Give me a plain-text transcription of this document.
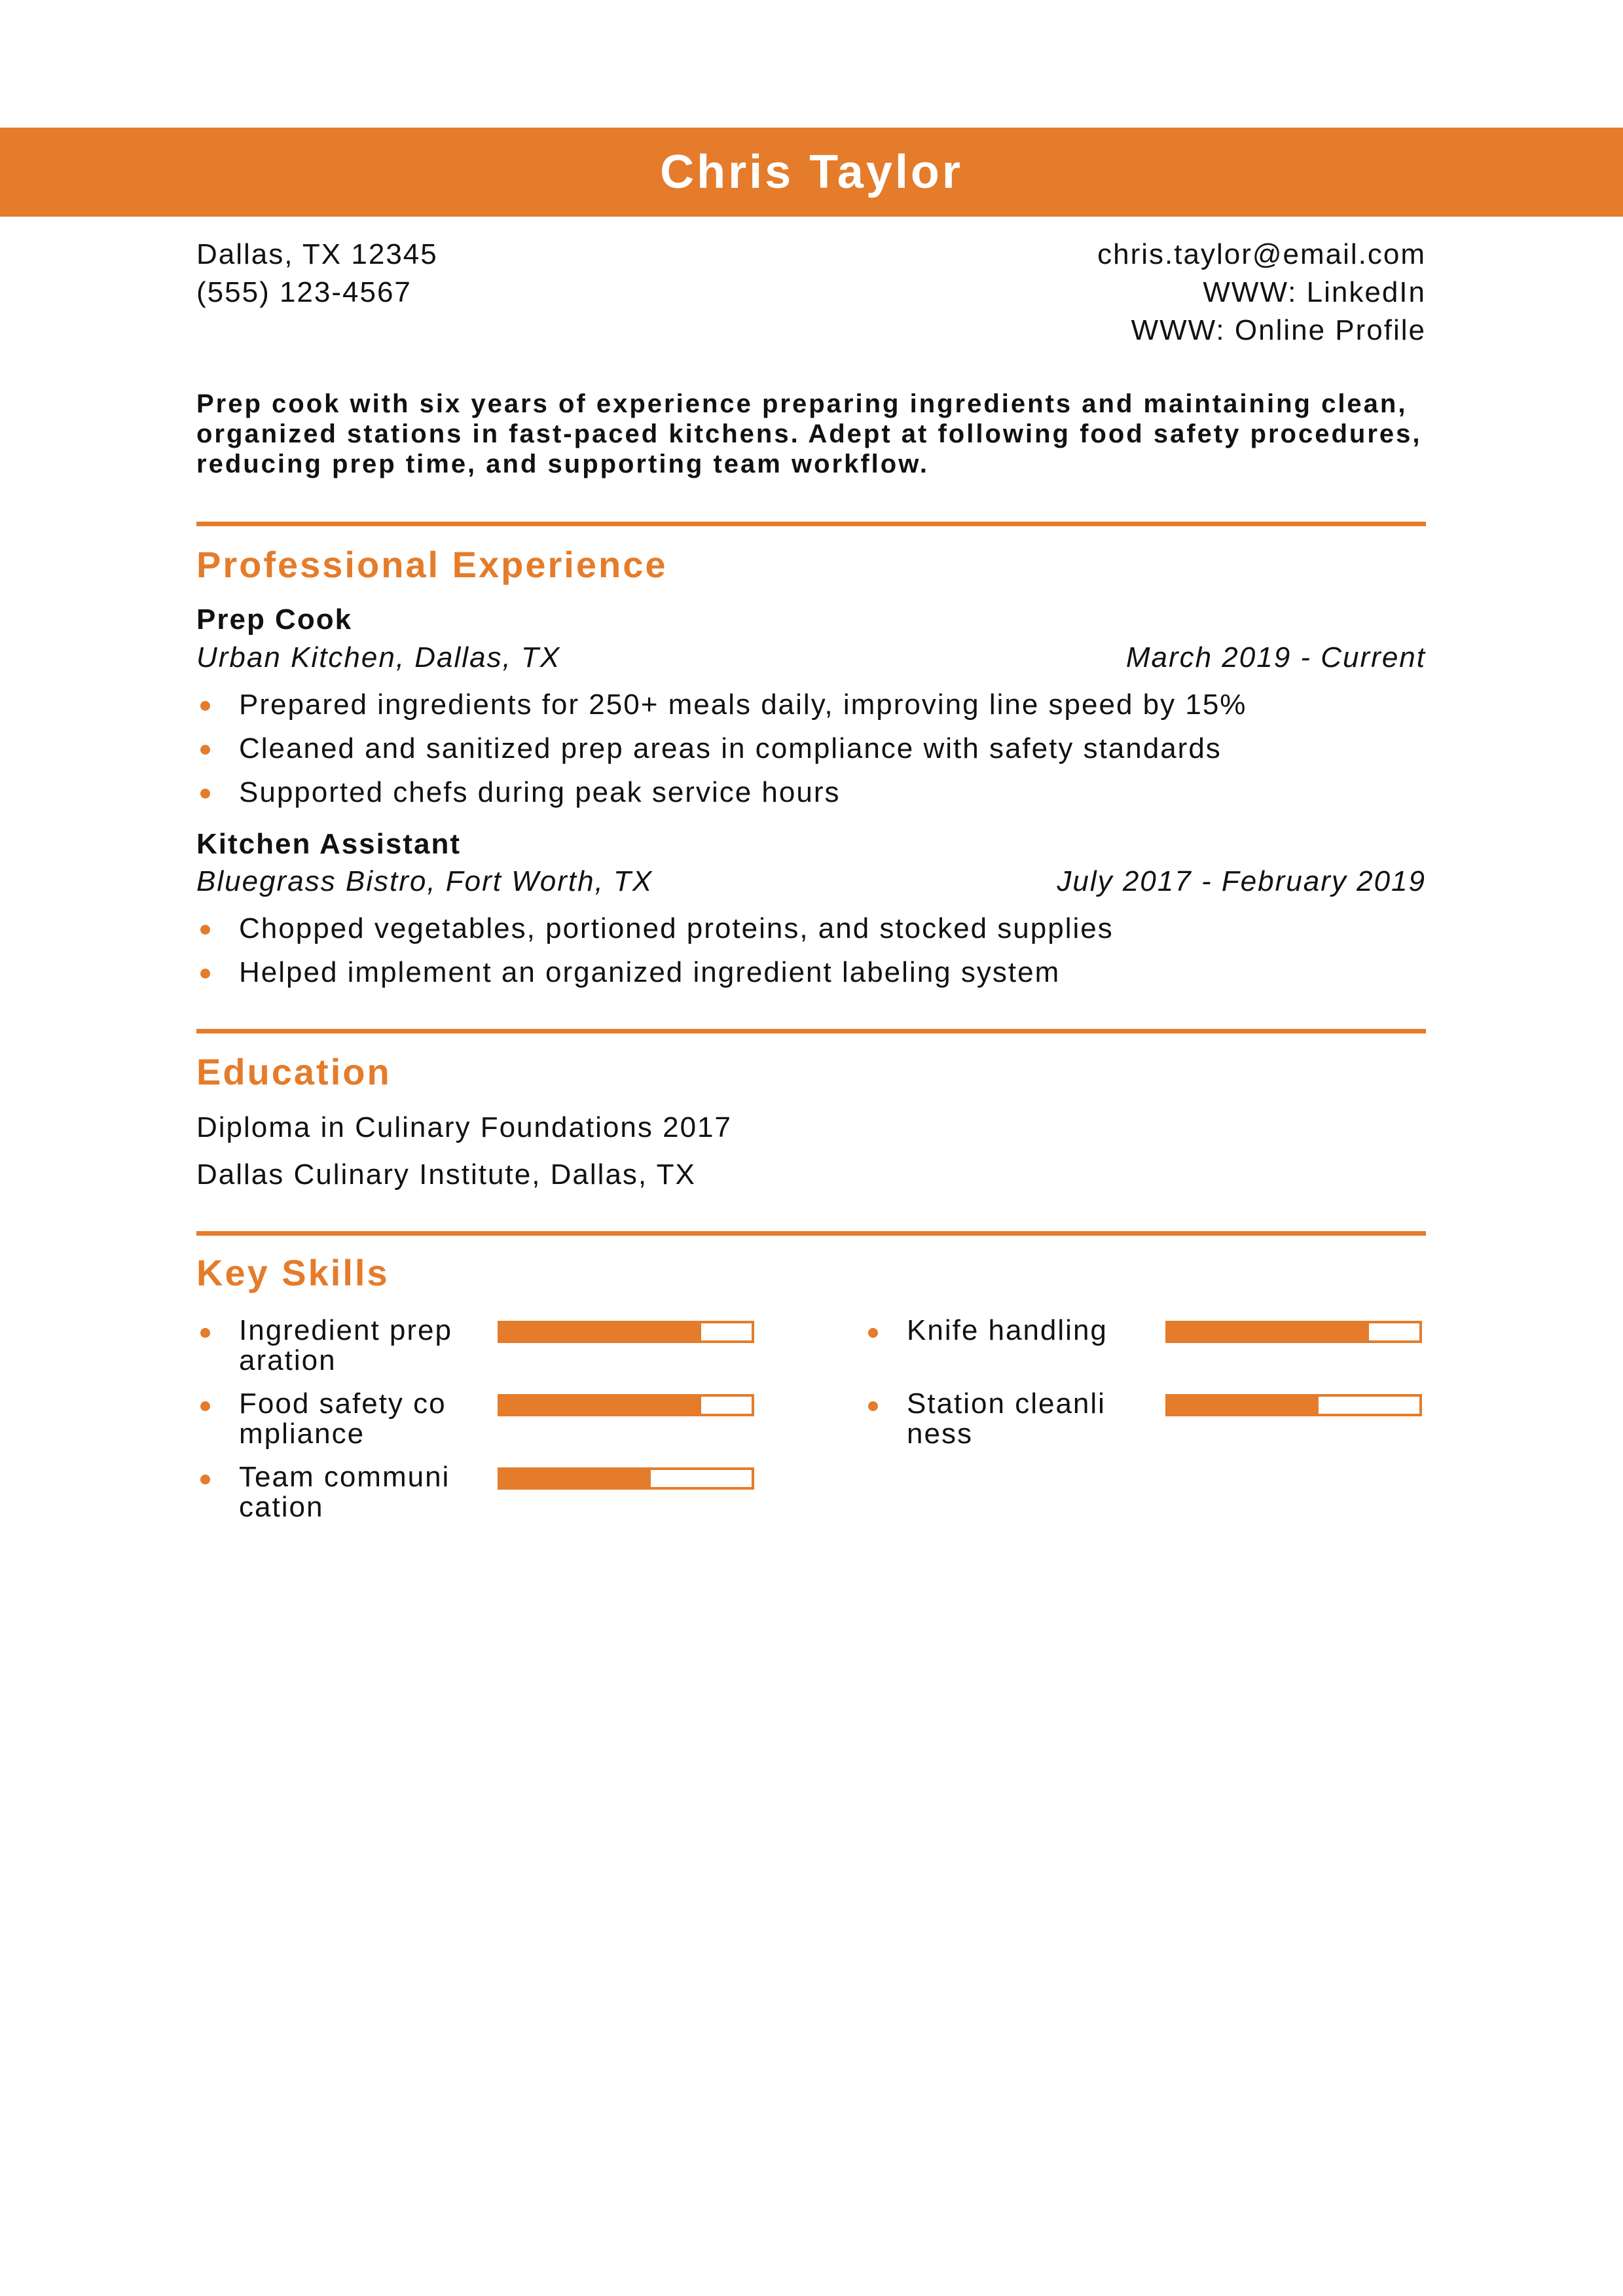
Chris Taylor
Dallas, TX 12345
(555) 123-4567
chris.taylor@email.com
WWW: LinkedIn
WWW: Online Profile
Prep cook with six years of experience preparing ingredients and maintaining clean, organized stations in fast-paced kitchens. Adept at following food safety procedures, reducing prep time, and supporting team workflow.
Professional Experience
Prep Cook
Urban Kitchen, Dallas, TX	March 2019 - Current
Prepared ingredients for 250+ meals daily, improving line speed by 15%
Cleaned and sanitized prep areas in compliance with safety standards
Supported chefs during peak service hours
Kitchen Assistant
Bluegrass Bistro, Fort Worth, TX	July 2017 - February 2019
Chopped vegetables, portioned proteins, and stocked supplies
Helped implement an organized ingredient labeling system
Education
Diploma in Culinary Foundations 2017
Dallas Culinary Institute, Dallas, TX
Key Skills
Ingredient preparation
Knife handling
Food safety compliance
Station cleanliness
Team communication
